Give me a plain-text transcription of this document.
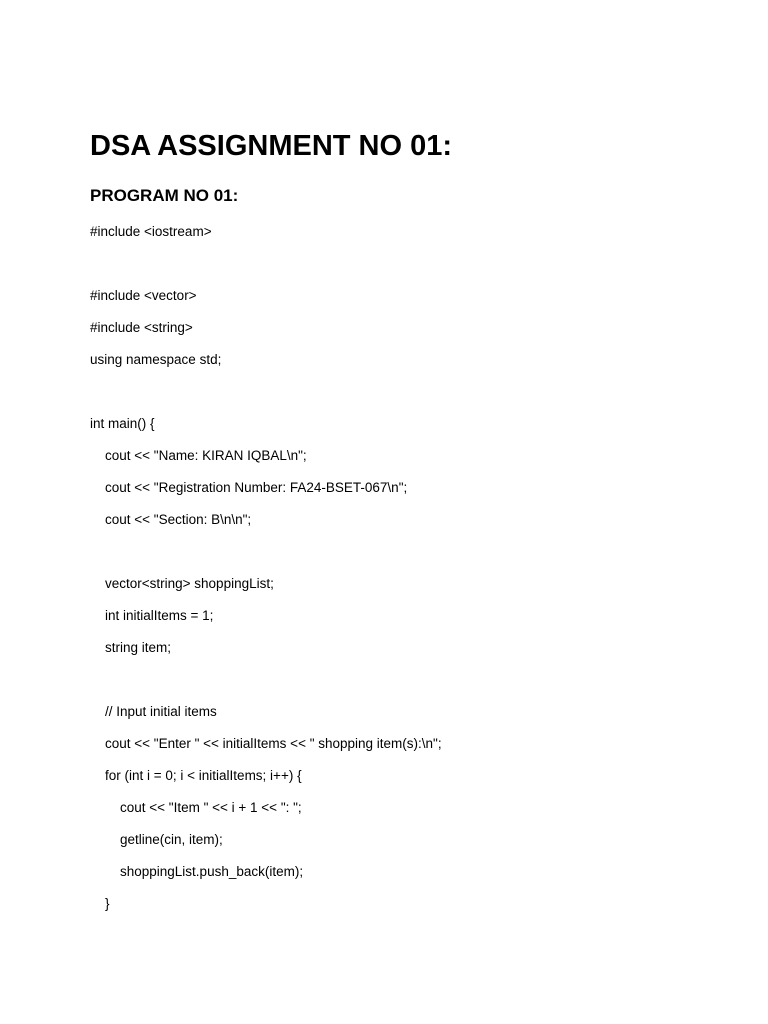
DSA ASSIGNMENT NO 01:
PROGRAM NO 01:
#include <iostream>
#include <vector>
#include <string>
using namespace std;
int main() {
cout << "Name: KIRAN IQBAL\n";
cout << "Registration Number: FA24-BSET-067\n";
cout << "Section: B\n\n";
vector<string> shoppingList;
int initialItems = 1;
string item;
// Input initial items
cout << "Enter " << initialItems << " shopping item(s):\n";
for (int i = 0; i < initialItems; i++) {
cout << "Item " << i + 1 << ": ";
getline(cin, item);
shoppingList.push_back(item);
}
